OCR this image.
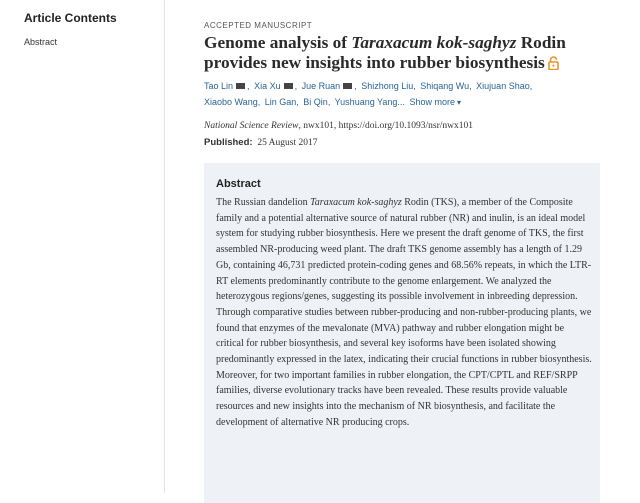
Article Contents
Abstract
ACCEPTED MANUSCRIPT
Genome analysis of Taraxacum kok-saghyz Rodin provides new insights into rubber biosynthesis
Tao Lin , Xia Xu , Jue Ruan , Shizhong Liu, Shiqang Wu, Xiujuan Shao, Xiaobo Wang, Lin Gan, Bi Qin, Yushuang Yang... Show more ▾
National Science Review, nwx101, https://doi.org/10.1093/nsr/nwx101
Published: 25 August 2017
Abstract
The Russian dandelion Taraxacum kok-saghyz Rodin (TKS), a member of the Composite family and a potential alternative source of natural rubber (NR) and inulin, is an ideal model system for studying rubber biosynthesis. Here we present the draft genome of TKS, the first assembled NR-producing weed plant. The draft TKS genome assembly has a length of 1.29 Gb, containing 46,731 predicted protein-coding genes and 68.56% repeats, in which the LTR-RT elements predominantly contribute to the genome enlargement. We analyzed the heterozygous regions/genes, suggesting its possible involvement in inbreeding depression. Through comparative studies between rubber-producing and non-rubber-producing plants, we found that enzymes of the mevalonate (MVA) pathway and rubber elongation might be critical for rubber biosynthesis, and several key isoforms have been isolated showing predominantly expressed in the latex, indicating their crucial functions in rubber biosynthesis. Moreover, for two important families in rubber elongation, the CPT/CPTL and REF/SRPP families, diverse evolutionary tracks have been revealed. These results provide valuable resources and new insights into the mechanism of NR biosynthesis, and facilitate the development of alternative NR producing crops.
